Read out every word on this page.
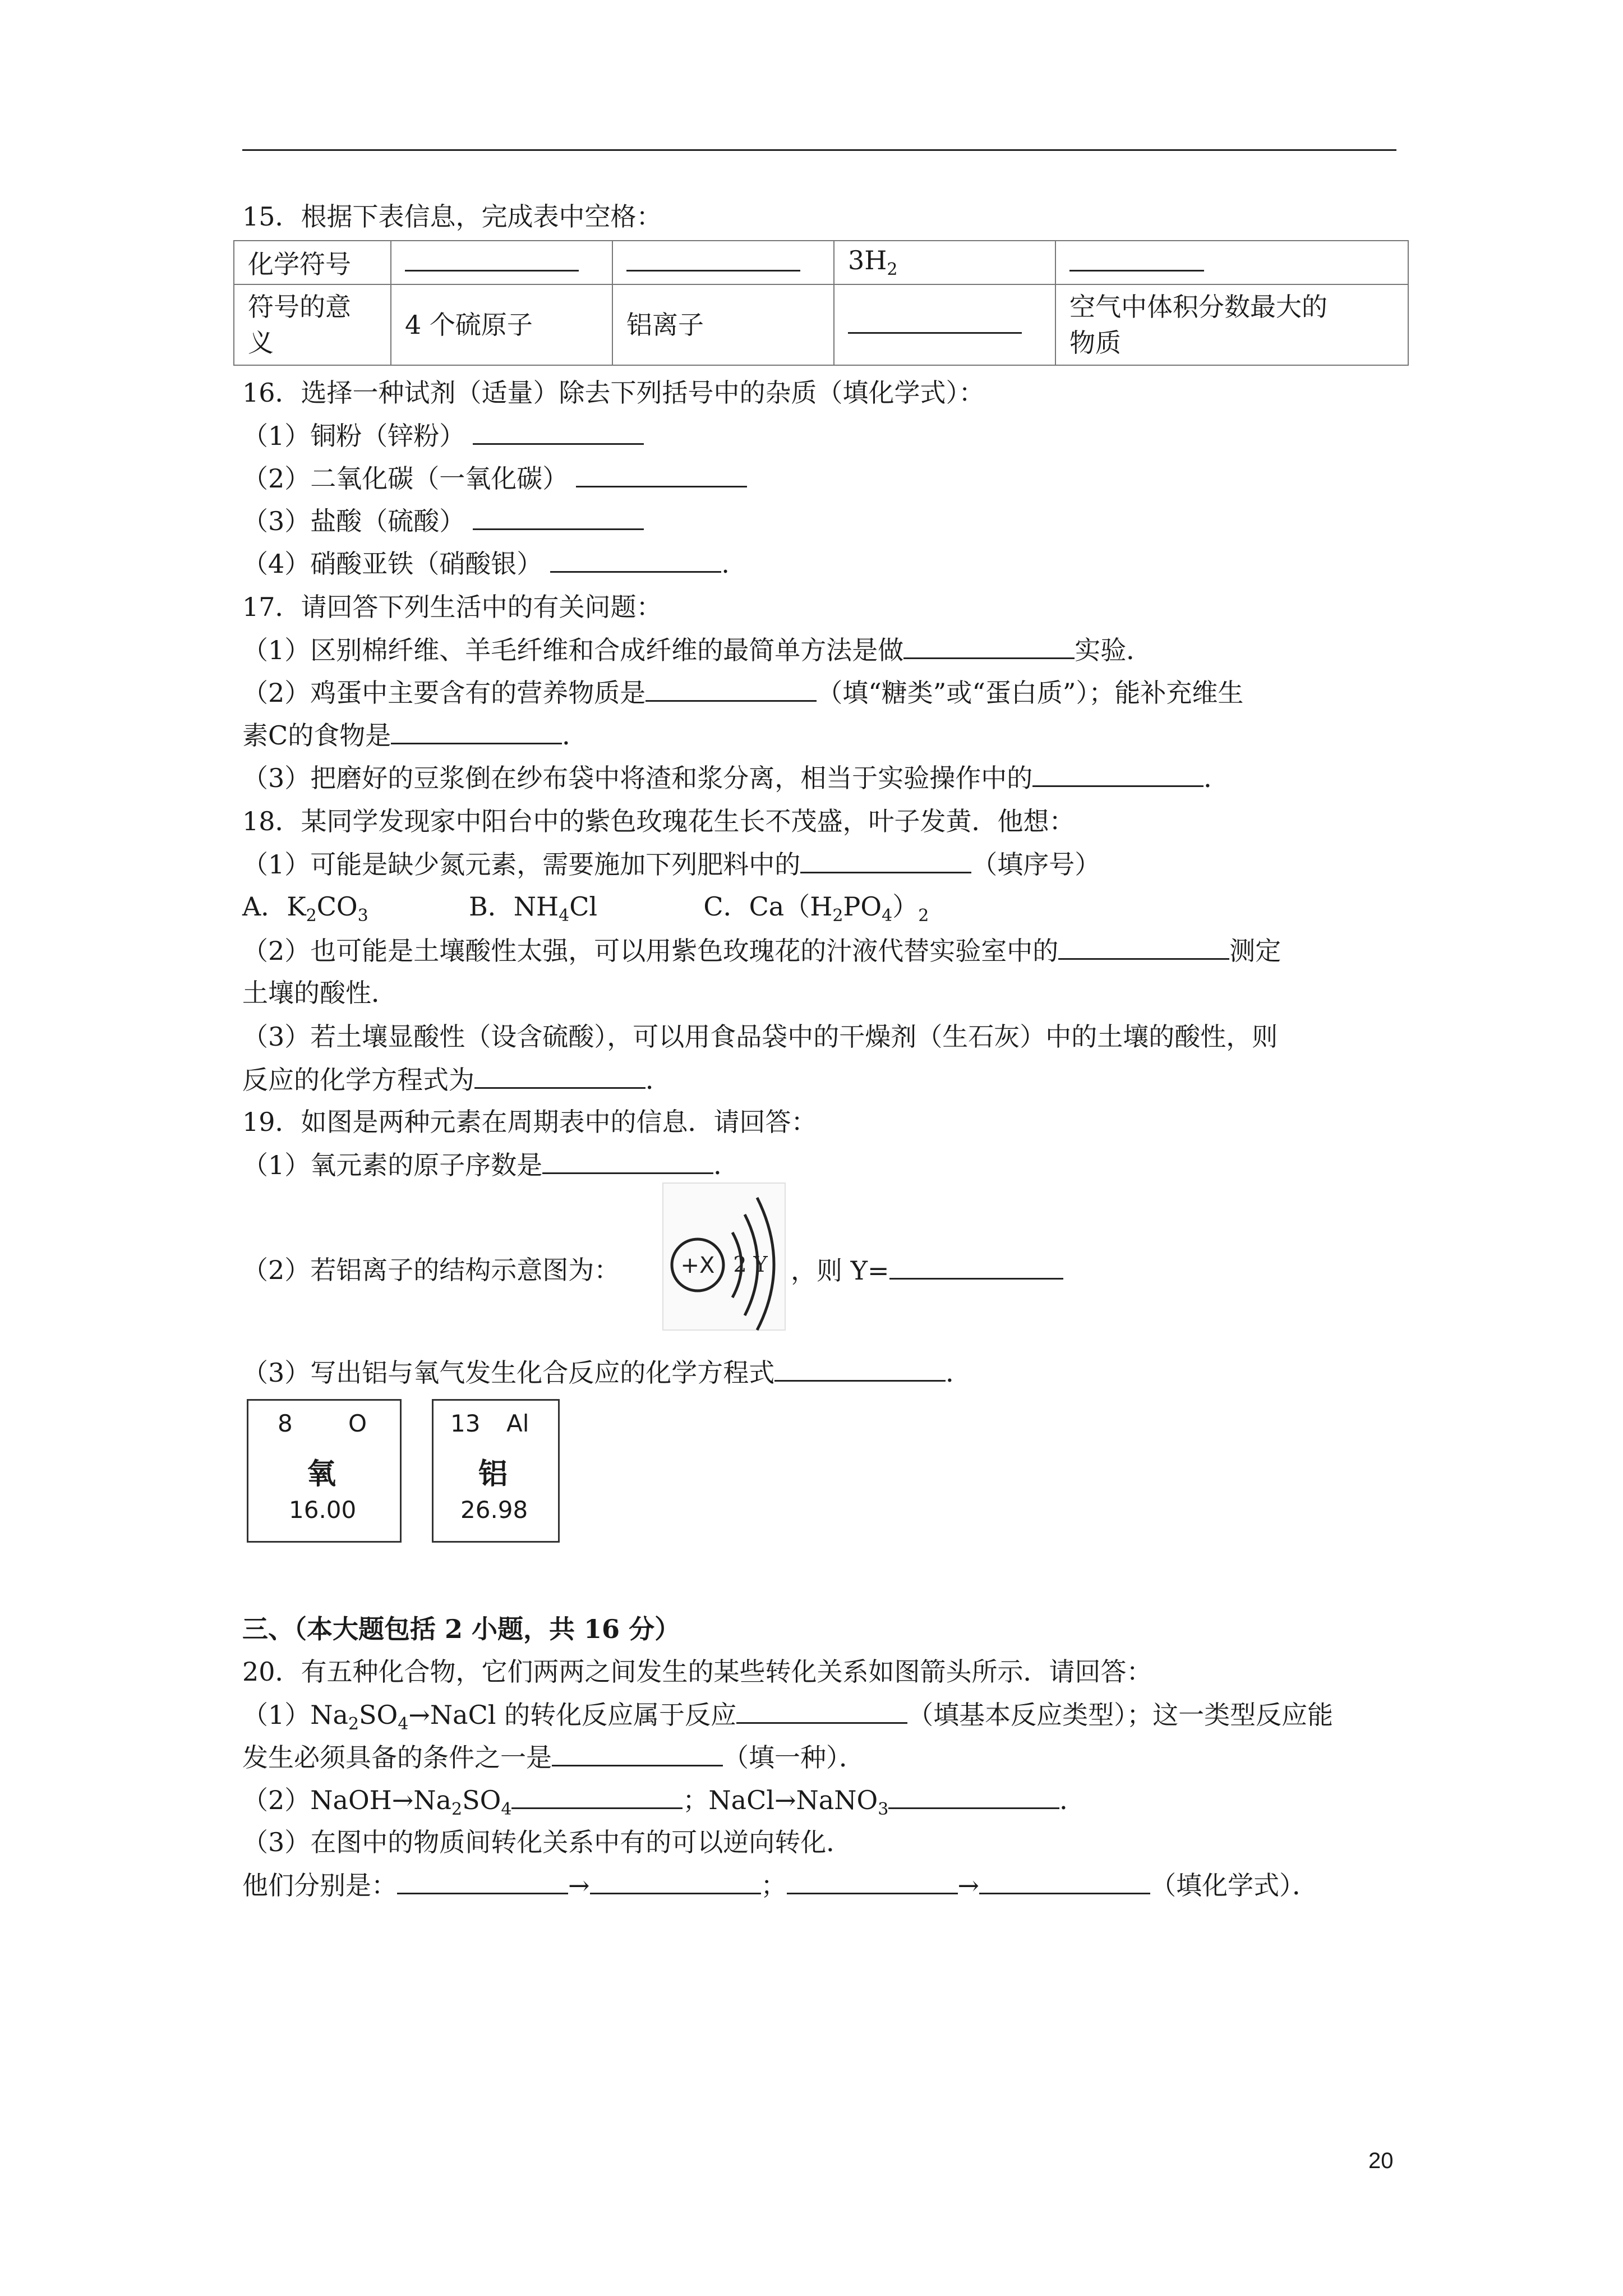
15．根据下表信息，完成表中空格：
化学符号			$3H_2$	
符号的意
义	4 个硫原子	铝离子		空气中体积分数最大的
物质
16．选择一种试剂（适量）除去下列括号中的杂质（填化学式）：
（1）铜粉（锌粉）
（2）二氧化碳（一氧化碳）
（3）盐酸（硫酸）
（4）硝酸亚铁（硝酸银）	.
17．请回答下列生活中的有关问题：
（1）区别棉纤维、羊毛纤维和合成纤维的最简单方法是做	实验．
（2）鸡蛋中主要含有的营养物质是	（填“糖类”或“蛋白质”）；能补充维生
素C的食物是	．
（3）把磨好的豆浆倒在纱布袋中将渣和浆分离，相当于实验操作中的	．
18．某同学发现家中阳台中的紫色玫瑰花生长不茂盛，叶子发黄．他想：
（1）可能是缺少氮元素，需要施加下列肥料中的	（填序号）
A．$K_2CO_3$	B．$NH_4Cl$	C．$Ca(H_2PO_4)_2$
（2）也可能是土壤酸性太强，可以用紫色玫瑰花的汁液代替实验室中的	测定
土壤的酸性．
（3）若土壤显酸性（设含硫酸），可以用食品袋中的干燥剂（生石灰）中的土壤的酸性，则
反应的化学方程式为	．
19．如图是两种元素在周期表中的信息．请回答：
（1）氧元素的原子序数是	．
（2）若铝离子的结构示意图为：	+X 2 Y ，则 Y=
（3）写出铝与氧气发生化合反应的化学方程式	．
8 O
氧
16.00
13 Al
铝
26.98
三、（本大题包括 2 小题，共 16 分）
20．有五种化合物，它们两两之间发生的某些转化关系如图箭头所示．请回答：
$(1)Na_2SO_4\to NaCl$ 的转化反应属于反应	（填基本反应类型）；这一类型反应能
发生必须具备的条件之一是	（填一种）．
$(2)NaOH\to Na_2SO_4$	；NaCl→NaNO$_3$	．
（3）在图中的物质间转化关系中有的可以逆向转化．
他们分别是：	→	；	→	（填化学式）．
20
